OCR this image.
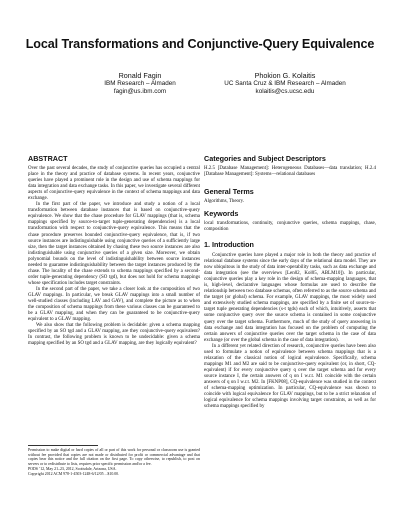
Local Transformations and Conjunctive-Query Equivalence
Ronald Fagin
IBM Research – Almaden
fagin@us.ibm.com
Phokion G. Kolaitis
UC Santa Cruz & IBM Research – Almaden
kolaitis@cs.ucsc.edu
ABSTRACT

Over the past several decades, the study of conjunctive queries has occupied a central place in the theory and practice of database systems. In recent years, conjunctive queries have played a prominent role in the design and use of schema mappings for data integration and data exchange tasks. In this paper, we investigate several different aspects of conjunctive-query equivalence in the context of schema mappings and data exchange.

In the first part of the paper, we introduce and study a notion of a local transformation between database instances that is based on conjunctive-query equivalence. We show that the chase procedure for GLAV mappings (that is, schema mappings specified by source-to-target tuple-generating dependencies) is a local transformation with respect to conjunctive-query equivalence. This means that the chase procedure preserves bounded conjunctive-query equivalence, that is, if two source instances are indistinguishable using conjunctive queries of a sufficiently large size, then the target instances obtained by chasing these two source instances are also indistinguishable using conjunctive queries of a given size. Moreover, we obtain polynomial bounds on the level of indistinguishability between source instances needed to guarantee indistinguishability between the target instances produced by the chase. The locality of the chase extends to schema mappings specified by a second-order tuple-generating dependency (SO tgd), but does not hold for schema mappings whose specification includes target constraints.

In the second part of the paper, we take a closer look at the composition of two GLAV mappings. In particular, we break GLAV mappings into a small number of well-studied classes (including LAV and GAV), and complete the picture as to when the composition of schema mappings from these various classes can be guaranteed to be a GLAV mapping, and when they can be guaranteed to be conjunctive-query equivalent to a GLAV mapping.

We also show that the following problem is decidable: given a schema mapping specified by an SO tgd and a GLAV mapping, are they conjunctive-query equivalent? In contrast, the following problem is known to be undecidable: given a schema mapping specified by an SO tgd and a GLAV mapping, are they logically equivalent?

Permission to make digital or hard copies of all or part of this work for personal or classroom use is granted without fee provided that copies are not made or distributed for profit or commercial advantage and that copies bear this notice and the full citation on the first page. To copy otherwise, to republish, to post on servers or to redistribute to lists, requires prior specific permission and/or a fee.

PODS ’12, May 21–23, 2012, Scottsdale, Arizona, USA.

Copyright 2012 ACM 978-1-4503-1248-6/12/05 ...$10.00.

Categories and Subject Descriptors

H.2.5 [Database Management]: Heterogeneous Databases—data translation; H.2.4 [Database Management]: Systems—relational databases

General Terms

Algorithms, Theory.

Keywords

local transformations, continuity, conjunctive queries, schema mappings, chase, composition

1. Introduction

Conjunctive queries have played a major role in both the theory and practice of relational database systems since the early days of the relational data model. They are now ubiquitous in the study of data inter-operability tasks, such as data exchange and data integration (see the overviews [Len02, Kol05, ABLM10]). In particular, conjunctive queries play a key role in the design of schema-mapping languages, that is, high-level, declarative languages whose formulas are used to describe the relationship between two database schemas, often referred to as the source schema and the target (or global) schema. For example, GLAV mappings, the most widely used and extensively studied schema mappings, are specified by a finite set of source-to-target tuple generating dependencies (s-t tgds) each of which, intuitively, asserts that some conjunctive query over the source schema is contained in some conjunctive query over the target schema. Furthermore, much of the study of query answering in data exchange and data integration has focused on the problem of computing the certain answers of conjunctive queries over the target schema in the case of data exchange (or over the global schema in the case of data integration).

In a different yet related direction of research, conjunctive queries have been also used to formulate a notion of equivalence between schema mappings that is a relaxation of the classical notion of logical equivalence. Specifically, schema mappings M1 and M2 are said to be conjunctive-query equivalent (or, in short, CQ-equivalent) if for every conjunctive query q over the target schema and for every source instance I, the certain answers of q on I w.r.t. M1 coincide with the certain answers of q on I w.r.t. M2. In [FKNP08], CQ-equivalence was studied in the context of schema-mapping optimization. In particular, CQ-equivalence was shown to coincide with logical equivalence for GLAV mappings, but to be a strict relaxation of logical equivalence for schema mappings involving target constraints, as well as for schema mappings specified by
